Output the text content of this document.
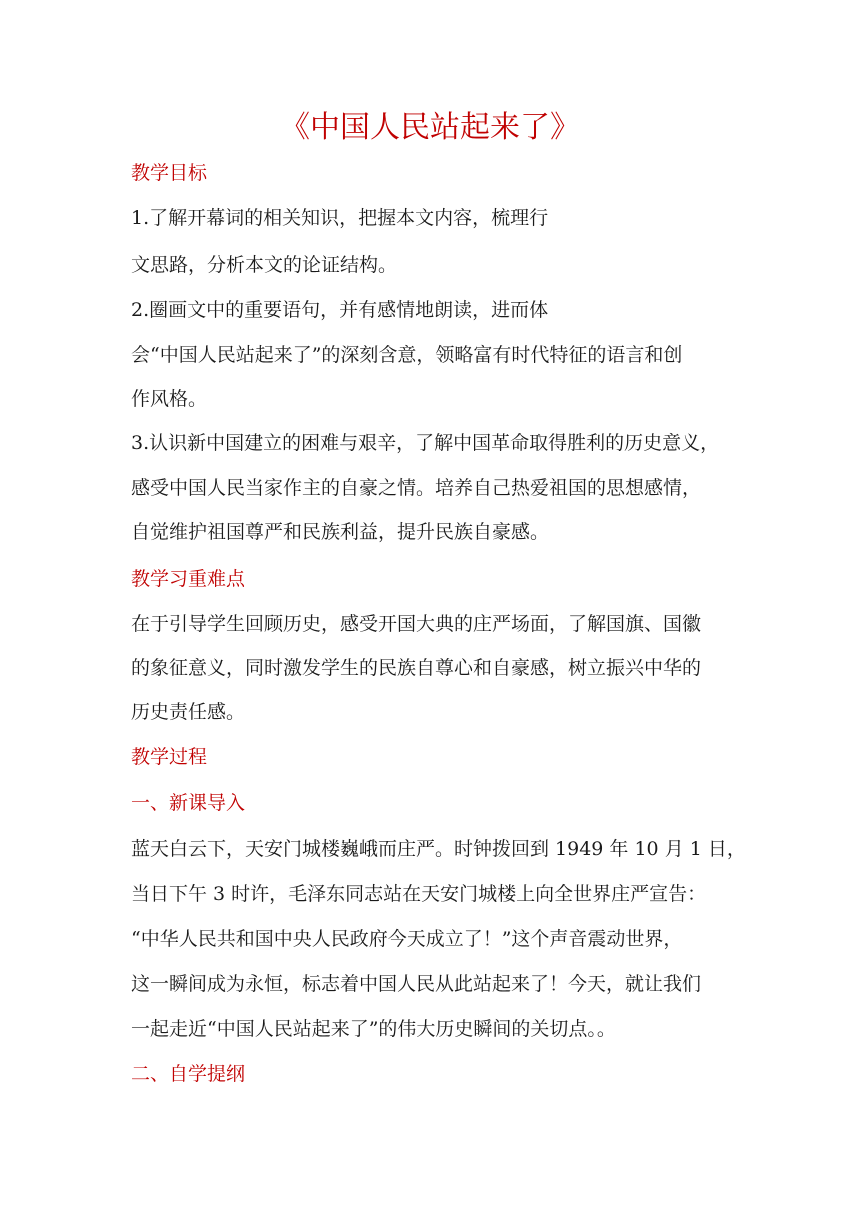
《中国人民站起来了》
教学目标
1.了解开幕词的相关知识，把握本文内容，梳理行
文思路，分析本文的论证结构。
2.圈画文中的重要语句，并有感情地朗读，进而体
会“中国人民站起来了”的深刻含意，领略富有时代特征的语言和创
作风格。
3.认识新中国建立的困难与艰辛，了解中国革命取得胜利的历史意义，
感受中国人民当家作主的自豪之情。培养自己热爱祖国的思想感情，
自觉维护祖国尊严和民族利益，提升民族自豪感。
教学习重难点
在于引导学生回顾历史，感受开国大典的庄严场面，了解国旗、国徽
的象征意义，同时激发学生的民族自尊心和自豪感，树立振兴中华的
历史责任感。
教学过程
一、新课导入
蓝天白云下，天安门城楼巍峨而庄严。时钟拨回到 1949 年 10 月 1 日，
当日下午 3 时许，毛泽东同志站在天安门城楼上向全世界庄严宣告：
“中华人民共和国中央人民政府今天成立了！”这个声音震动世界，
这一瞬间成为永恒，标志着中国人民从此站起来了！今天，就让我们
一起走近“中国人民站起来了”的伟大历史瞬间的关切点。。
二、自学提纲
